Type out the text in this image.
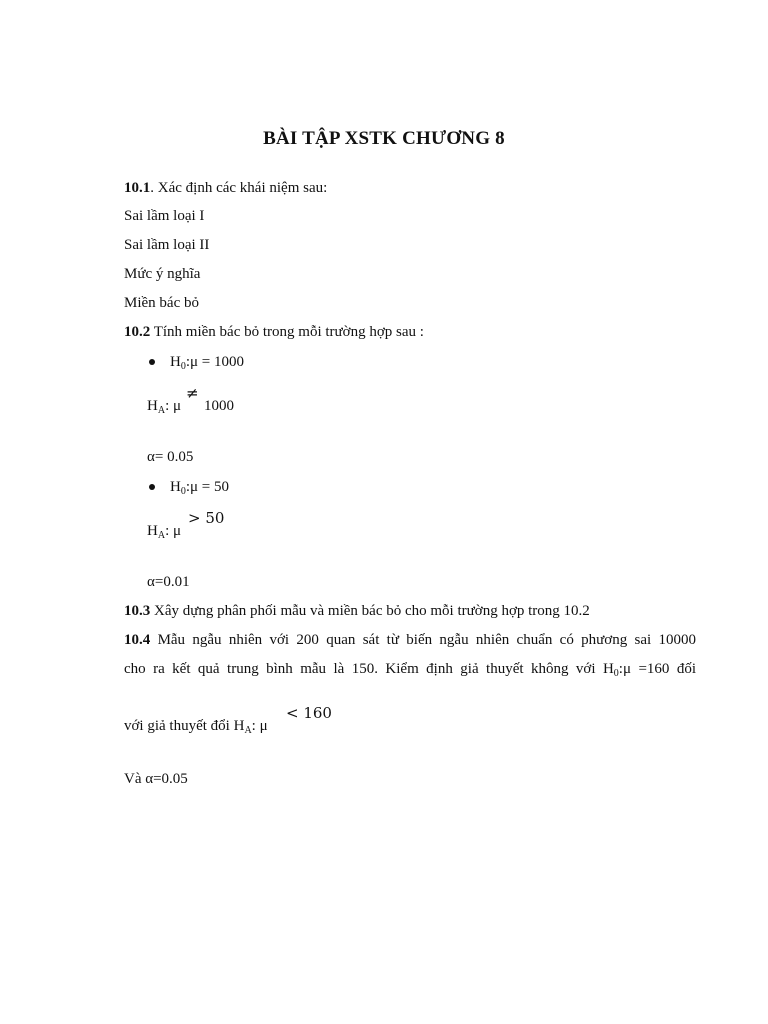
BÀI TẬP XSTK CHƯƠNG 8
10.1. Xác định các khái niệm sau:
Sai lầm loại I
Sai lầm loại II
Mức ý nghĩa
Miền bác bỏ
10.2 Tính miền bác bỏ trong mỗi trường hợp sau :
$H_0:\mu = 1000$
$H_A$: μ
≠
1000
α= 0.05
$H_0:\mu = 50$
$H_A$: μ
> 50
α=0.01
10.3 Xây dựng phân phối mẫu và miền bác bỏ cho mỗi trường hợp trong 10.2
10.4 Mẫu ngẫu nhiên với 200 quan sát từ biến ngẫu nhiên chuẩn có phương sai 10000
cho ra kết quả trung bình mẫu là 150. Kiểm định giả thuyết không với $H_0:\mu =160$ đối
với giả thuyết đổi $H_A$: μ
< 160
Và α=0.05
